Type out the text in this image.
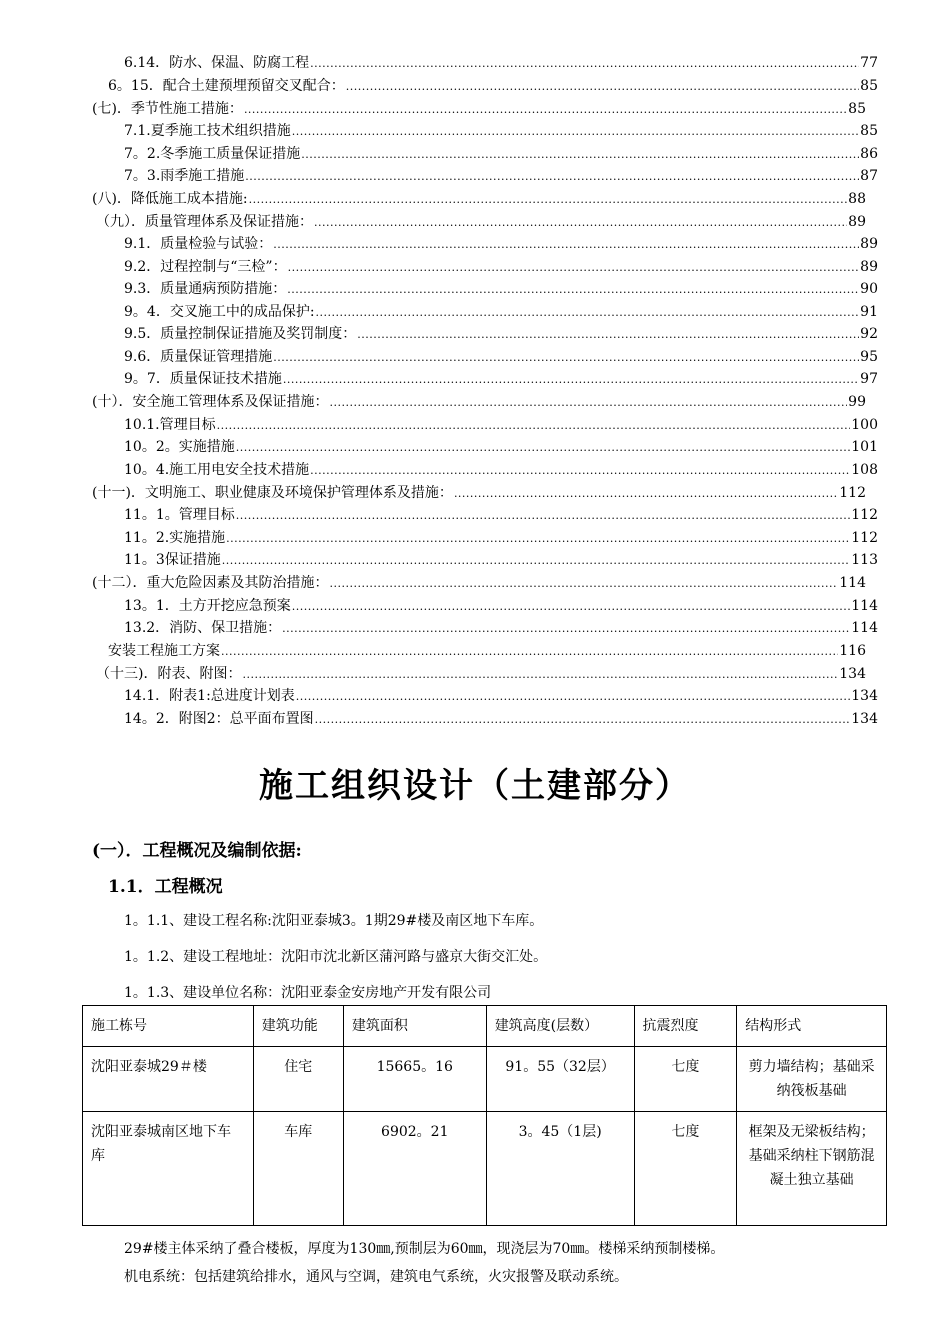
6.14．防水、保温、防腐工程 .....	77
6。15．配合土建预埋预留交叉配合： .....	85
(七)．季节性施工措施： .....	85
7.1.夏季施工技术组织措施 .....	85
7。2.冬季施工质量保证措施 .....	86
7。3.雨季施工措施 .....	87
(八)．降低施工成本措施: .....	88
（九）．质量管理体系及保证措施： .....	89
9.1．质量检验与试验： .....	89
9.2．过程控制与“三检”： .....	89
9.3．质量通病预防措施： .....	90
9。4．交叉施工中的成品保护: .....	91
9.5．质量控制保证措施及奖罚制度： .....	92
9.6．质量保证管理措施 .....	95
9。7．质量保证技术措施 .....	97
(十）．安全施工管理体系及保证措施： .....	99
10.1.管理目标 .....	100
10。2。实施措施 .....	101
10。4.施工用电安全技术措施 .....	108
(十一)．文明施工、职业健康及环境保护管理体系及措施： .....	112
11。1。管理目标 .....	112
11。2.实施措施 .....	112
11。3保证措施 .....	113
(十二）．重大危险因素及其防治措施： .....	114
13。1．土方开挖应急预案 .....	114
13.2．消防、保卫措施： .....	114
安装工程施工方案 .....	116
（十三)．附表、附图： .....	134
14.1．附表1:总进度计划表 .....	134
14。2．附图2：总平面布置图 .....	134
施工组织设计（土建部分）
(一）．工程概况及编制依据:
1.1．工程概况
1。1.1、建设工程名称:沈阳亚泰城3。1期29#楼及南区地下车库。
1。1.2、建设工程地址：沈阳市沈北新区蒲河路与盛京大街交汇处。
1。1.3、建设单位名称：沈阳亚泰金安房地产开发有限公司
施工栋号	建筑功能	建筑面积	建筑高度(层数）	抗震烈度	结构形式
沈阳亚泰城29＃楼	住宅	15665。16	91。55（32层）	七度	剪力墙结构；基础采纳筏板基础
沈阳亚泰城南区地下车库	车库	6902。21	3。45（1层)	七度	框架及无梁板结构；基础采纳柱下钢筋混凝土独立基础
29#楼主体采纳了叠合楼板，厚度为130㎜,预制层为60㎜，现浇层为70㎜。楼梯采纳预制楼梯。
机电系统：包括建筑给排水，通风与空调，建筑电气系统，火灾报警及联动系统。
